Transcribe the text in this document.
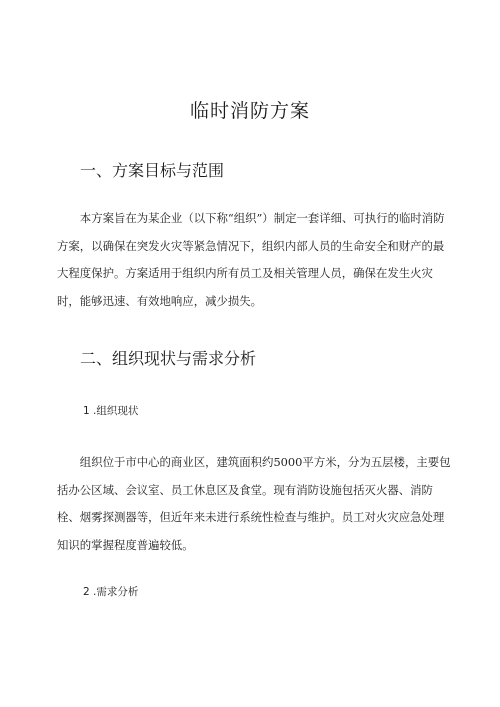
临时消防方案
一、方案目标与范围

本方案旨在为某企业（以下称“组织”）制定一套详细、可执行的临时消防方案，以确保在突发火灾等紧急情况下，组织内部人员的生命安全和财产的最大程度保护。方案适用于组织内所有员工及相关管理人员，确保在发生火灾时，能够迅速、有效地响应，减少损失。

二、组织现状与需求分析
1 .组织现状

组织位于市中心的商业区，建筑面积约5000平方米，分为五层楼，主要包括办公区域、会议室、员工休息区及食堂。现有消防设施包括灭火器、消防栓、烟雾探测器等，但近年来未进行系统性检查与维护。员工对火灾应急处理知识的掌握程度普遍较低。

2 .需求分析
